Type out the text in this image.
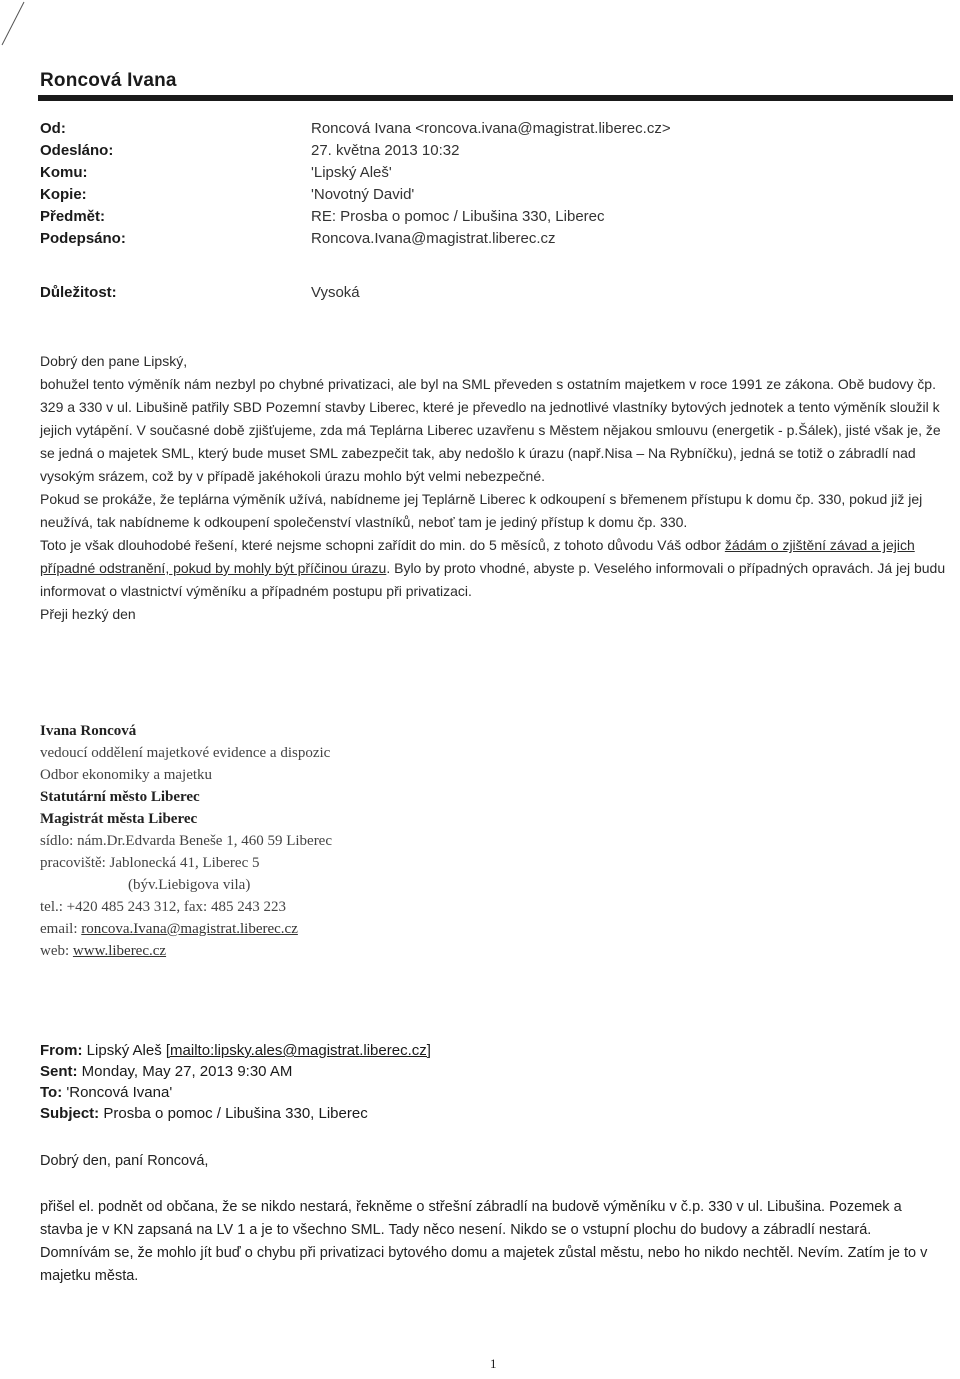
Roncová Ivana
Od:	Roncová Ivana <roncova.ivana@magistrat.liberec.cz>
Odesláno:	27. května 2013 10:32
Komu:	'Lipský Aleš'
Kopie:	'Novotný David'
Předmět:	RE: Prosba o pomoc / Libušina 330, Liberec
Podepsáno:	Roncova.Ivana@magistrat.liberec.cz
Důležitost:	Vysoká

Dobrý den pane Lipský,

bohužel tento výměník nám nezbyl po chybné privatizaci, ale byl na SML převeden s ostatním majetkem v roce 1991 ze zákona. Obě budovy čp. 329 a 330 v ul. Libušině patřily SBD Pozemní stavby Liberec, které je převedlo na jednotlivé vlastníky bytových jednotek a tento výměník sloužil k jejich vytápění. V současné době zjišťujeme, zda má Teplárna Liberec uzavřenu s Městem nějakou smlouvu (energetik - p.Šálek), jisté však je, že se jedná o majetek SML, který bude muset SML zabezpečit tak, aby nedošlo k úrazu (např.Nisa – Na Rybníčku), jedná se totiž o zábradlí nad vysokým srázem, což by v případě jakéhokoli úrazu mohlo být velmi nebezpečné.

Pokud se prokáže, že teplárna výměník užívá, nabídneme jej Teplárně Liberec k odkoupení s břemenem přístupu k domu čp. 330, pokud již jej neužívá, tak nabídneme k odkoupení společenství vlastníků, neboť tam je jediný přístup k domu čp. 330.

Toto je však dlouhodobé řešení, které nejsme schopni zařídit do min. do 5 měsíců, z tohoto důvodu Váš odbor žádám o zjištění závad a jejich případné odstranění, pokud by mohly být příčinou úrazu. Bylo by proto vhodné, abyste p. Veselého informovali o případných opravách. Já jej budu informovat o vlastnictví výměníku a případném postupu při privatizaci.

Přeji hezký den

Ivana Roncová
vedoucí oddělení majetkové evidence a dispozic
Odbor ekonomiky a majetku
Statutární město Liberec
Magistrát města Liberec
sídlo: nám.Dr.Edvarda Beneše 1, 460 59 Liberec
pracoviště: Jablonecká 41, Liberec 5
(býv.Liebigova vila)
tel.: +420 485 243 312, fax: 485 243 223
email: roncova.Ivana@magistrat.liberec.cz
web: www.liberec.cz
From: Lipský Aleš [mailto:lipsky.ales@magistrat.liberec.cz]
Sent: Monday, May 27, 2013 9:30 AM
To: 'Roncová Ivana'
Subject: Prosba o pomoc / Libušina 330, Liberec
Dobrý den, paní Roncová,
přišel el. podnět od občana, že se nikdo nestará, řekněme o střešní zábradlí na budově výměníku v č.p. 330 v ul. Libušina. Pozemek a stavba je v KN zapsaná na LV 1 a je to všechno SML. Tady něco nesení. Nikdo se o vstupní plochu do budovy a zábradlí nestará. Domnívám se, že mohlo jít buď o chybu při privatizaci bytového domu a majetek zůstal městu, nebo ho nikdo nechtěl. Nevím. Zatím je to v majetku města.
1
